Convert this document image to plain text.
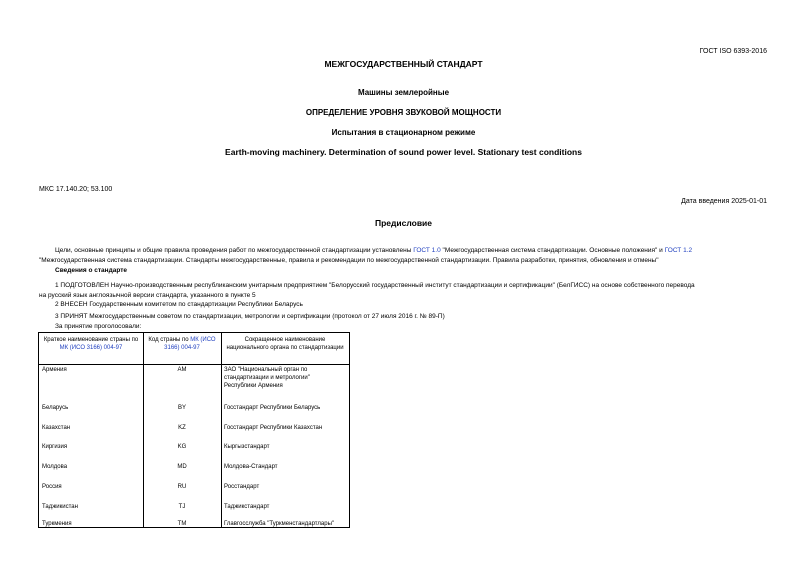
ГОСТ ISO 6393-2016
МЕЖГОСУДАРСТВЕННЫЙ СТАНДАРТ
Машины землеройные
ОПРЕДЕЛЕНИЕ УРОВНЯ ЗВУКОВОЙ МОЩНОСТИ
Испытания в стационарном режиме
Earth-moving machinery. Determination of sound power level. Stationary test conditions
МКС 17.140.20; 53.100
Дата введения 2025-01-01
Предисловие
Цели, основные принципы и общие правила проведения работ по межгосударственной стандартизации установлены ГОСТ 1.0 "Межгосударственная система стандартизации. Основные положения" и ГОСТ 1.2
"Межгосударственная система стандартизации. Стандарты межгосударственные, правила и рекомендации по межгосударственной стандартизации. Правила разработки, принятия, обновления и отмены"
Сведения о стандарте
1 ПОДГОТОВЛЕН Научно-производственным республиканским унитарным предприятием "Белорусский государственный институт стандартизации и сертификации" (БелГИСС) на основе собственного перевода
на русский язык англоязычной версии стандарта, указанного в пункте 5
2 ВНЕСЕН Государственным комитетом по стандартизации Республики Беларусь
3 ПРИНЯТ Межгосударственным советом по стандартизации, метрологии и сертификации (протокол от 27 июля 2016 г. № 89-П)
За принятие проголосовали:
Краткое наименование страны по МК (ИСО 3166) 004-97
Код страны по МК (ИСО 3166) 004-97
Сокращенное наименование национального органа по стандартизации
Армения	AM	ЗАО "Национальный орган по
стандартизации и метрологии"
Республики Армения
Беларусь	BY	Госстандарт Республики Беларусь
Казахстан	KZ	Госстандарт Республики Казахстан
Киргизия	KG	Кыргызстандарт
Молдова	MD	Молдова-Стандарт
Россия	RU	Росстандарт
Таджикистан	TJ	Таджикстандарт
Туркмения	TM	Главгосслужба "Туркменстандартлары"
